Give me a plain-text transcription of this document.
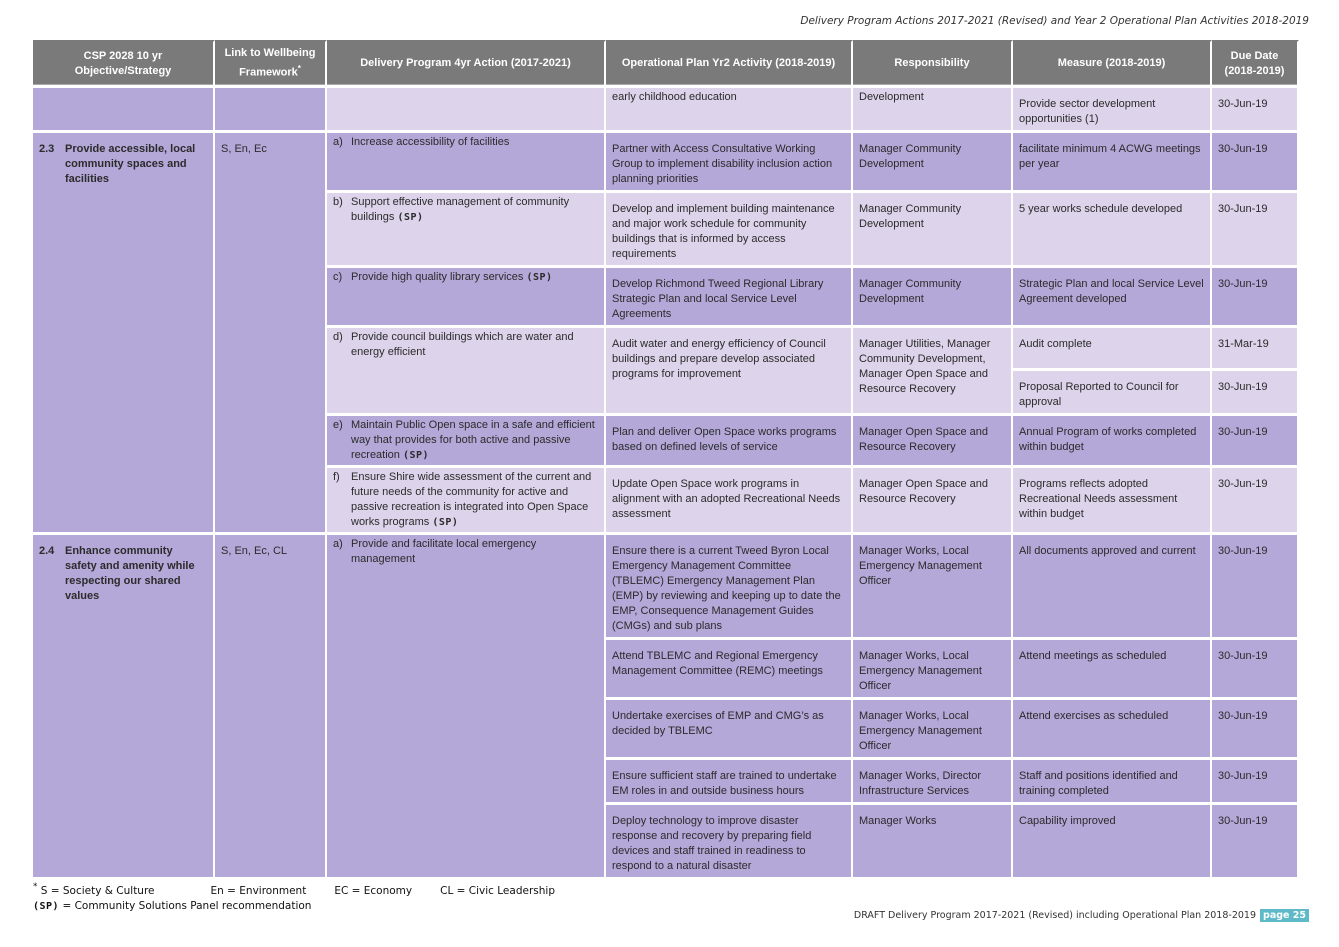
Delivery Program Actions 2017-2021 (Revised) and Year 2 Operational Plan Activities 2018-2019
CSP 2028 10 yr Objective/Strategy	Link to Wellbeing Framework*	Delivery Program 4yr Action (2017-2021)	Operational Plan Yr2 Activity (2018-2019)	Responsibility	Measure (2018-2019)	Due Date (2018-2019)
			early childhood education	Development	Provide sector development opportunities (1)	30-Jun-19
2.3 Provide accessible, local community spaces and facilities	S, En, Ec	a) Increase accessibility of facilities	Partner with Access Consultative Working Group to implement disability inclusion action planning priorities	Manager Community Development	facilitate minimum 4 ACWG meetings per year	30-Jun-19
		b) Support effective management of community buildings (SP)	Develop and implement building maintenance and major work schedule for community buildings that is informed by access requirements	Manager Community Development	5 year works schedule developed	30-Jun-19
		c) Provide high quality library services (SP)	Develop Richmond Tweed Regional Library Strategic Plan and local Service Level Agreements	Manager Community Development	Strategic Plan and local Service Level Agreement developed	30-Jun-19
		d) Provide council buildings which are water and energy efficient	Audit water and energy efficiency of Council buildings and prepare develop associated programs for improvement	Manager Utilities, Manager Community Development, Manager Open Space and Resource Recovery	Audit complete	31-Mar-19
					Proposal Reported to Council for approval	30-Jun-19
		e) Maintain Public Open space in a safe and efficient way that provides for both active and passive recreation (SP)	Plan and deliver Open Space works programs based on defined levels of service	Manager Open Space and Resource Recovery	Annual Program of works completed within budget	30-Jun-19
		f) Ensure Shire wide assessment of the current and future needs of the community for active and passive recreation is integrated into Open Space works programs (SP)	Update Open Space work programs in alignment with an adopted Recreational Needs assessment	Manager Open Space and Resource Recovery	Programs reflects adopted Recreational Needs assessment within budget	30-Jun-19

2.4 Enhance community safety and amenity while respecting our shared values	S, En, Ec, CL	a) Provide and facilitate local emergency management	Ensure there is a current Tweed Byron Local Emergency Management Committee (TBLEMC) Emergency Management Plan (EMP) by reviewing and keeping up to date the EMP, Consequence Management Guides (CMGs) and sub plans	Manager Works, Local Emergency Management Officer	All documents approved and current	30-Jun-19
			Attend TBLEMC and Regional Emergency Management Committee (REMC) meetings	Manager Works, Local Emergency Management Officer	Attend meetings as scheduled	30-Jun-19
			Undertake exercises of EMP and CMG’s as decided by TBLEMC	Manager Works, Local Emergency Management Officer	Attend exercises as scheduled	30-Jun-19
			Ensure sufficient staff are trained to undertake EM roles in and outside business hours	Manager Works, Director Infrastructure Services	Staff and positions identified and training completed	30-Jun-19
			Deploy technology to improve disaster response and recovery by preparing field devices and staff trained in readiness to respond to a natural disaster	Manager Works	Capability improved	30-Jun-19
* S = Society & Culture	En = Environment	EC = Economy	CL = Civic Leadership
(SP) = Community Solutions Panel recommendation
DRAFT Delivery Program 2017-2021 (Revised) including Operational Plan 2018-2019 page 25
